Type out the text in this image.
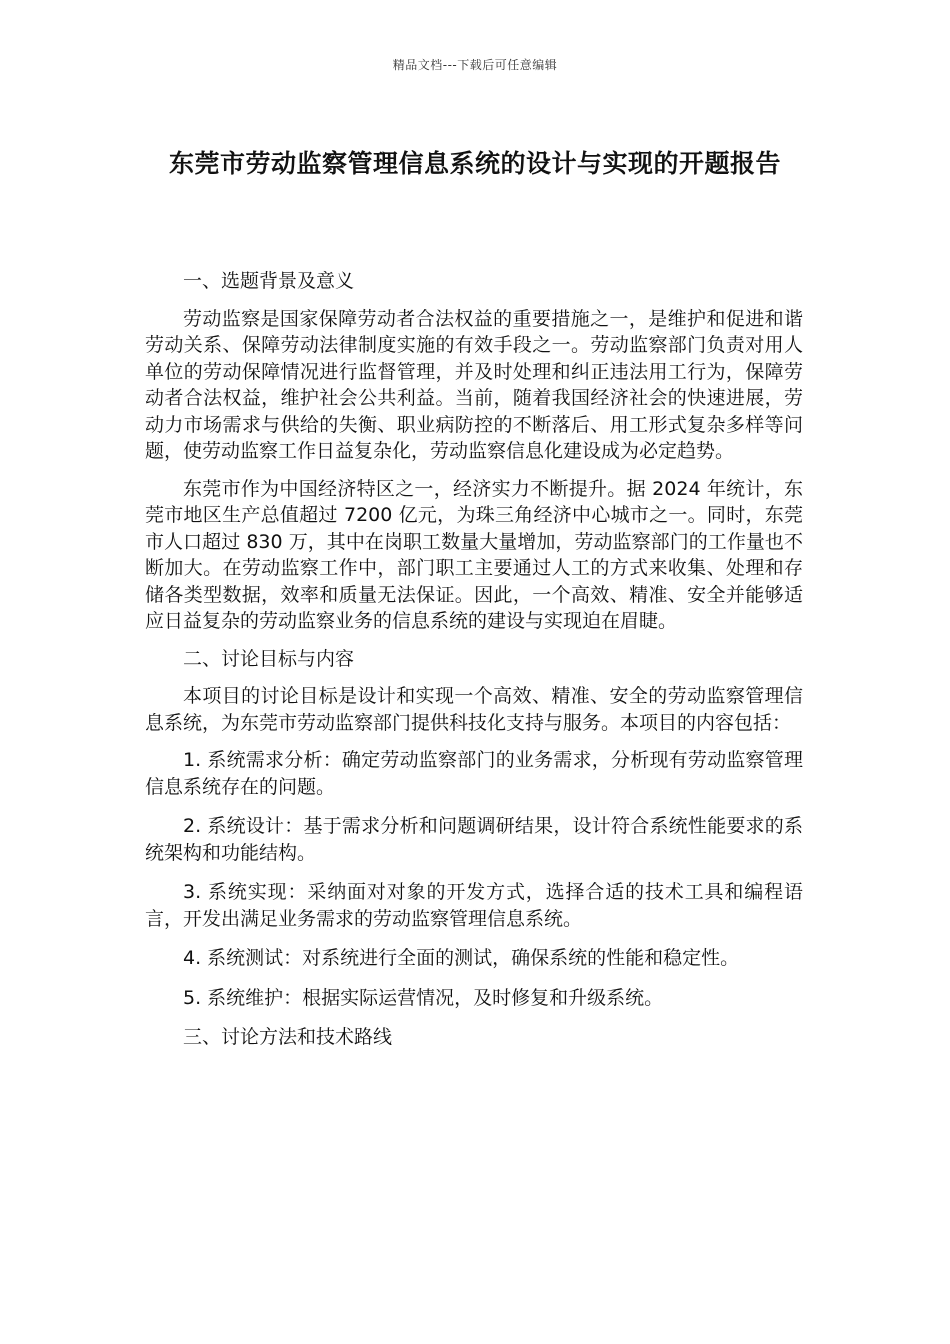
精品文档---下载后可任意编辑
东莞市劳动监察管理信息系统的设计与实现的开题报告

一、选题背景及意义

劳动监察是国家保障劳动者合法权益的重要措施之一，是维护和促进和谐劳动关系、保障劳动法律制度实施的有效手段之一。劳动监察部门负责对用人单位的劳动保障情况进行监督管理，并及时处理和纠正违法用工行为，保障劳动者合法权益，维护社会公共利益。当前，随着我国经济社会的快速进展，劳动力市场需求与供给的失衡、职业病防控的不断落后、用工形式复杂多样等问题，使劳动监察工作日益复杂化，劳动监察信息化建设成为必定趋势。

东莞市作为中国经济特区之一，经济实力不断提升。据 2024 年统计，东莞市地区生产总值超过 7200 亿元，为珠三角经济中心城市之一。同时，东莞市人口超过 830 万，其中在岗职工数量大量增加，劳动监察部门的工作量也不断加大。在劳动监察工作中，部门职工主要通过人工的方式来收集、处理和存储各类型数据，效率和质量无法保证。因此，一个高效、精准、安全并能够适应日益复杂的劳动监察业务的信息系统的建设与实现迫在眉睫。

二、讨论目标与内容

本项目的讨论目标是设计和实现一个高效、精准、安全的劳动监察管理信息系统，为东莞市劳动监察部门提供科技化支持与服务。本项目的内容包括：

1. 系统需求分析：确定劳动监察部门的业务需求，分析现有劳动监察管理信息系统存在的问题。

2. 系统设计：基于需求分析和问题调研结果，设计符合系统性能要求的系统架构和功能结构。

3. 系统实现：采纳面对对象的开发方式，选择合适的技术工具和编程语言，开发出满足业务需求的劳动监察管理信息系统。

4. 系统测试：对系统进行全面的测试，确保系统的性能和稳定性。

5. 系统维护：根据实际运营情况，及时修复和升级系统。

三、讨论方法和技术路线
